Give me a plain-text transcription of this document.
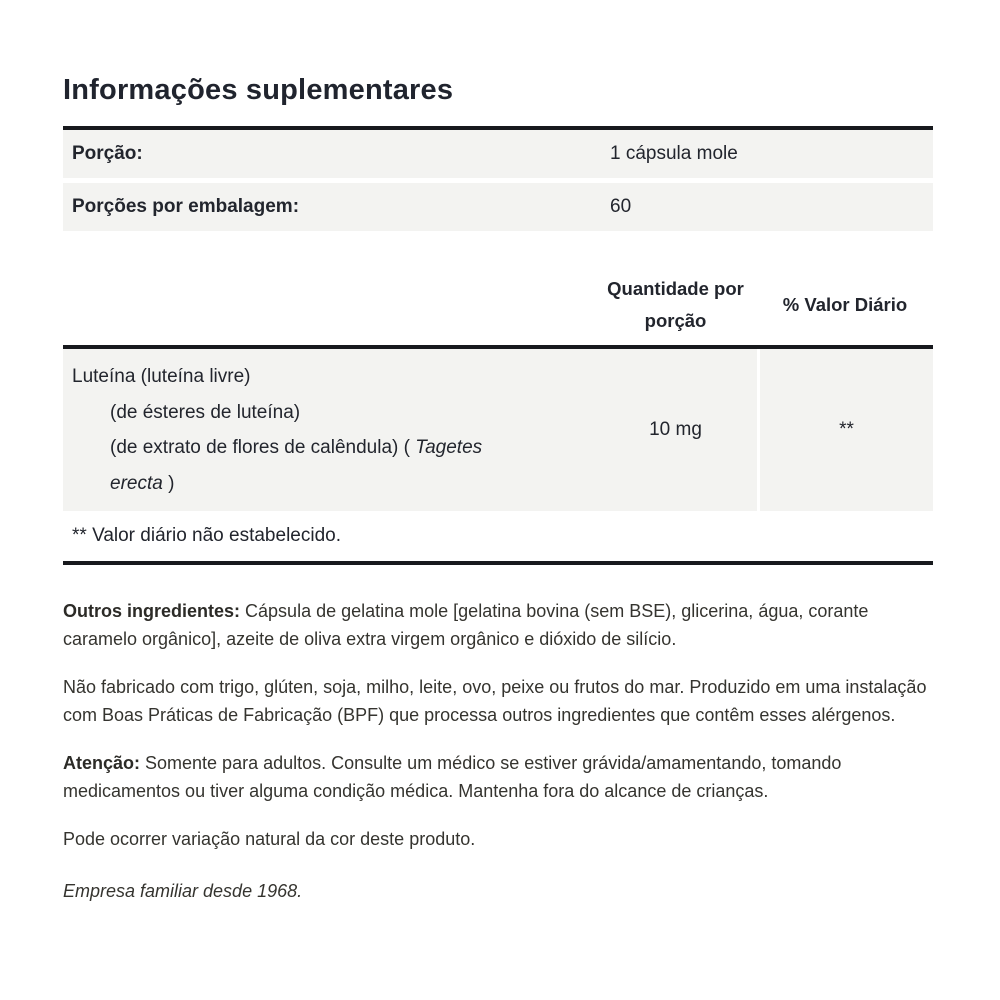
Informações suplementares
Porção:	1 cápsula mole
Porções por embalagem:	60
Quantidade por porção
% Valor Diário
Luteína (luteína livre)
(de ésteres de luteína)
(de extrato de flores de calêndula) ( Tagetes
erecta )
10 mg	**
** Valor diário não estabelecido.

Outros ingredientes: Cápsula de gelatina mole [gelatina bovina (sem BSE), glicerina, água, corante caramelo orgânico], azeite de oliva extra virgem orgânico e dióxido de silício.

Não fabricado com trigo, glúten, soja, milho, leite, ovo, peixe ou frutos do mar. Produzido em uma instalação com Boas Práticas de Fabricação (BPF) que processa outros ingredientes que contêm esses alérgenos.

Atenção: Somente para adultos. Consulte um médico se estiver grávida/amamentando, tomando medicamentos ou tiver alguma condição médica. Mantenha fora do alcance de crianças.

Pode ocorrer variação natural da cor deste produto.

Empresa familiar desde 1968.
